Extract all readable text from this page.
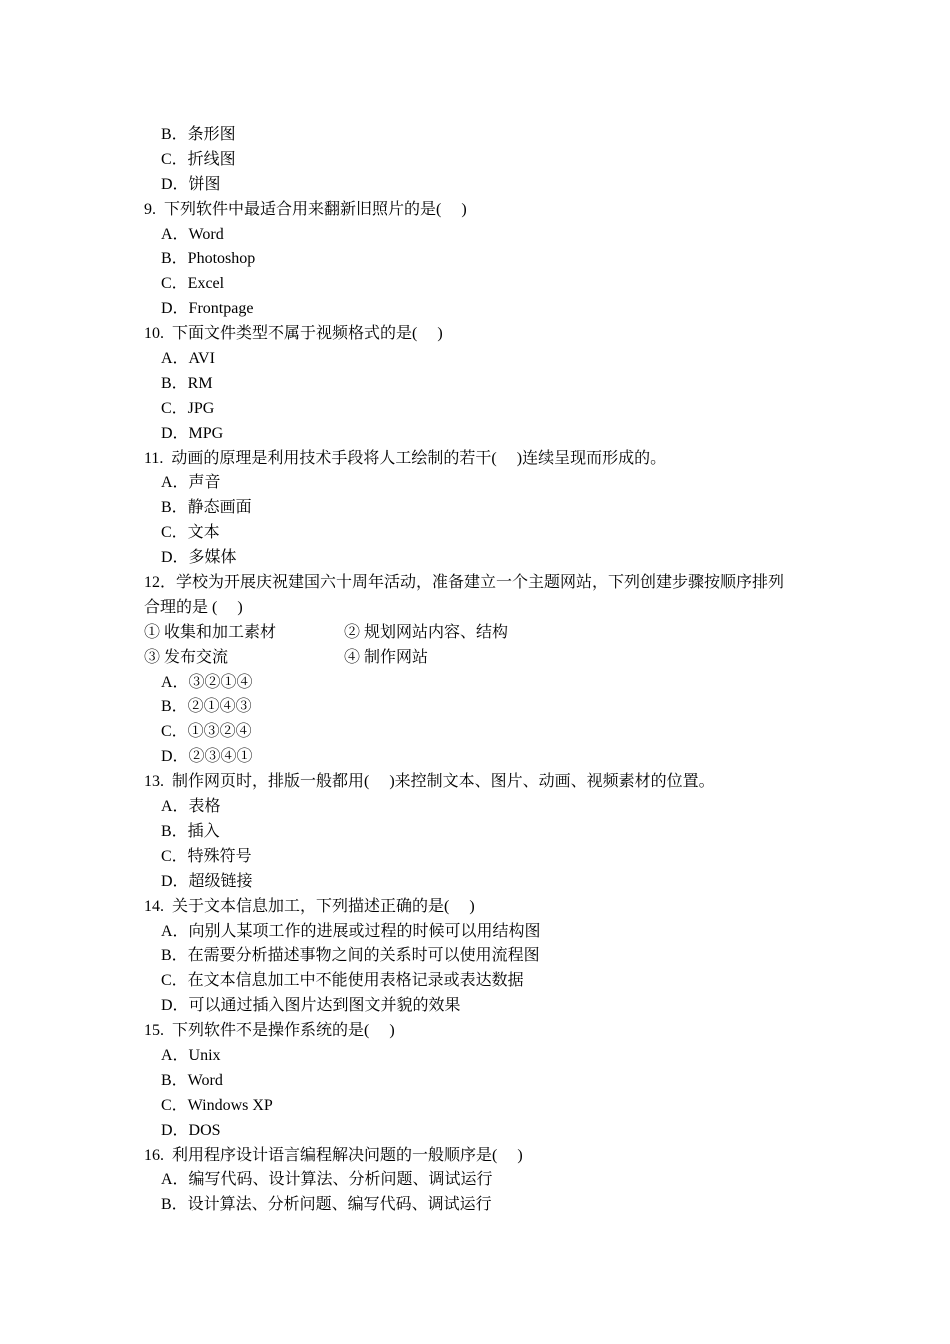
B．条形图
C．折线图
D．饼图
9.  下列软件中最适合用来翻新旧照片的是(　 )
A．Word
B．Photoshop
C．Excel
D．Frontpage
10.  下面文件类型不属于视频格式的是(　 )
A．AVI
B．RM
C．JPG
D．MPG
11.  动画的原理是利用技术手段将人工绘制的若干(　 )连续呈现而形成的。
A．声音
B．静态画面
C．文本
D．多媒体
12．学校为开展庆祝建国六十周年活动，准备建立一个主题网站，下列创建步骤按顺序排列
合理的是 (　 )
① 收集和加工素材	② 规划网站内容、结构
③ 发布交流	④ 制作网站
A．③②①④
B．②①④③
C．①③②④
D．②③④①
13.  制作网页时，排版一般都用(　 )来控制文本、图片、动画、视频素材的位置。
A．表格
B．插入
C．特殊符号
D．超级链接
14.  关于文本信息加工，下列描述正确的是(　 )
A．向别人某项工作的进展或过程的时候可以用结构图
B．在需要分析描述事物之间的关系时可以使用流程图
C．在文本信息加工中不能使用表格记录或表达数据
D．可以通过插入图片达到图文并貌的效果
15.  下列软件不是操作系统的是(　 )
A．Unix
B．Word
C．Windows XP
D．DOS
16.  利用程序设计语言编程解决问题的一般顺序是(　 )
A．编写代码、设计算法、分析问题、调试运行
B．设计算法、分析问题、编写代码、调试运行
